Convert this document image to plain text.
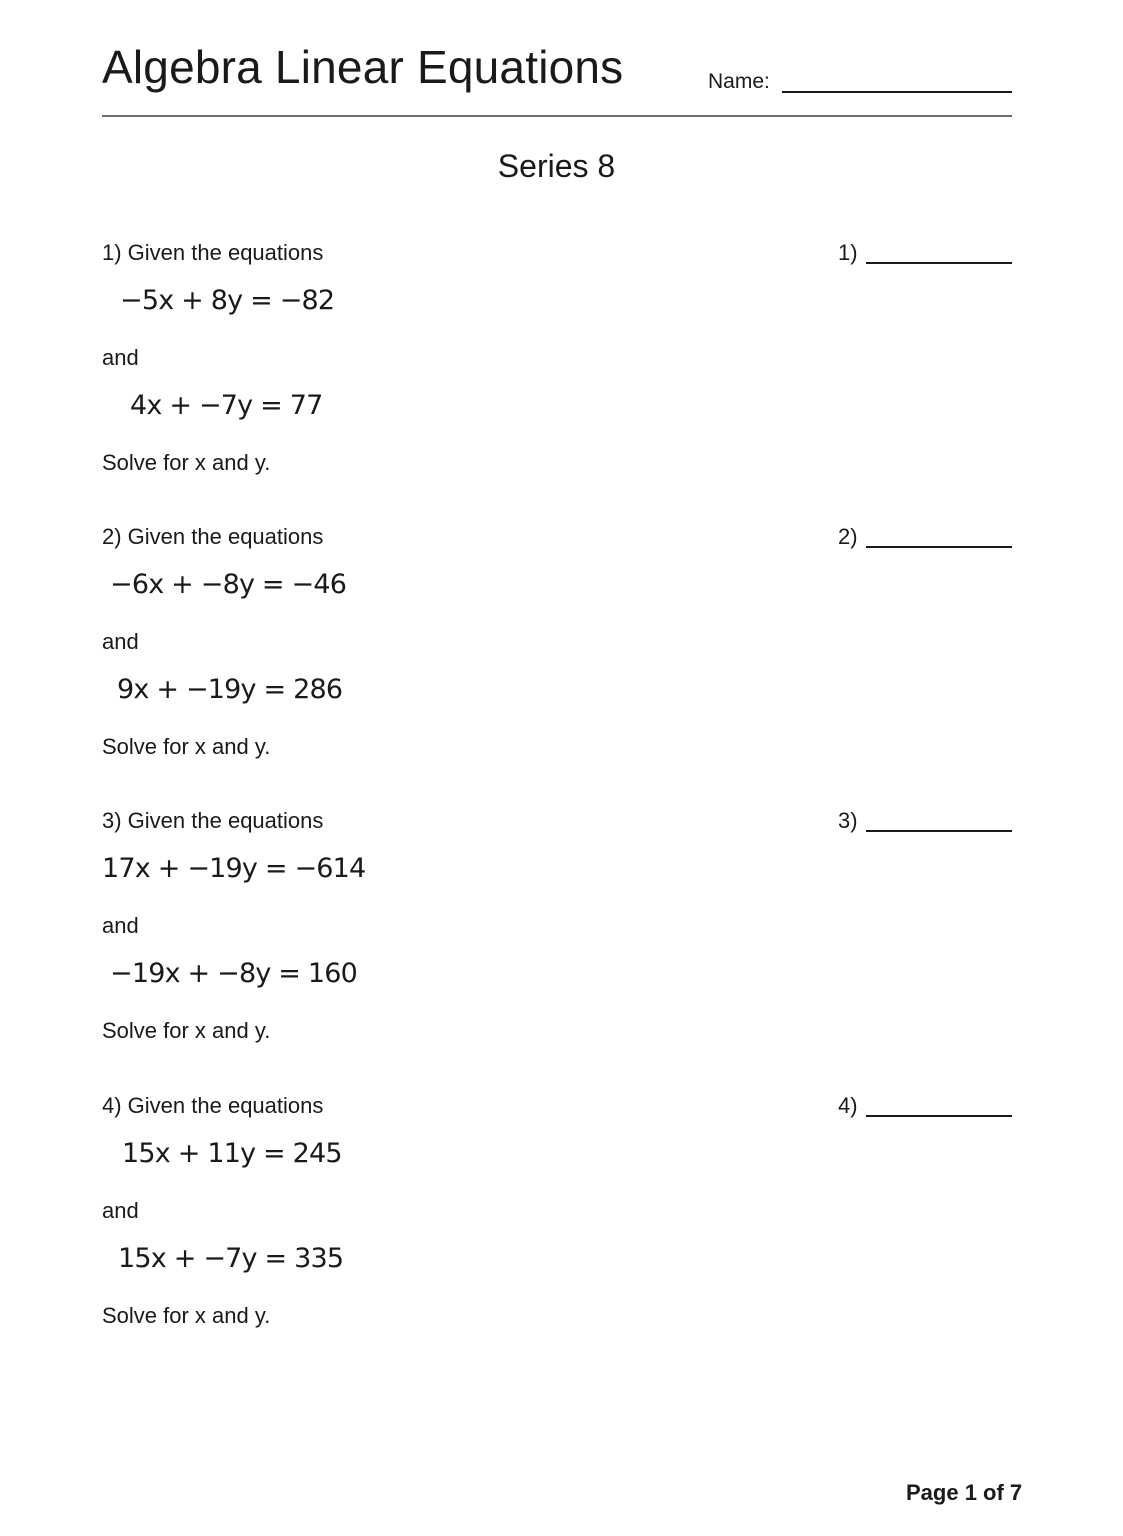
Algebra Linear Equations	Name:
Series 8
1) Given the equations
−5x + 8y = −82
and
4x + −7y = 77
Solve for x and y.
1)
2) Given the equations
−6x + −8y = −46
and
9x + −19y = 286
Solve for x and y.
2)
3) Given the equations
17x + −19y = −614
and
−19x + −8y = 160
Solve for x and y.
3)
4) Given the equations
15x + 11y = 245
and
15x + −7y = 335
Solve for x and y.
4)
Page 1 of 7
